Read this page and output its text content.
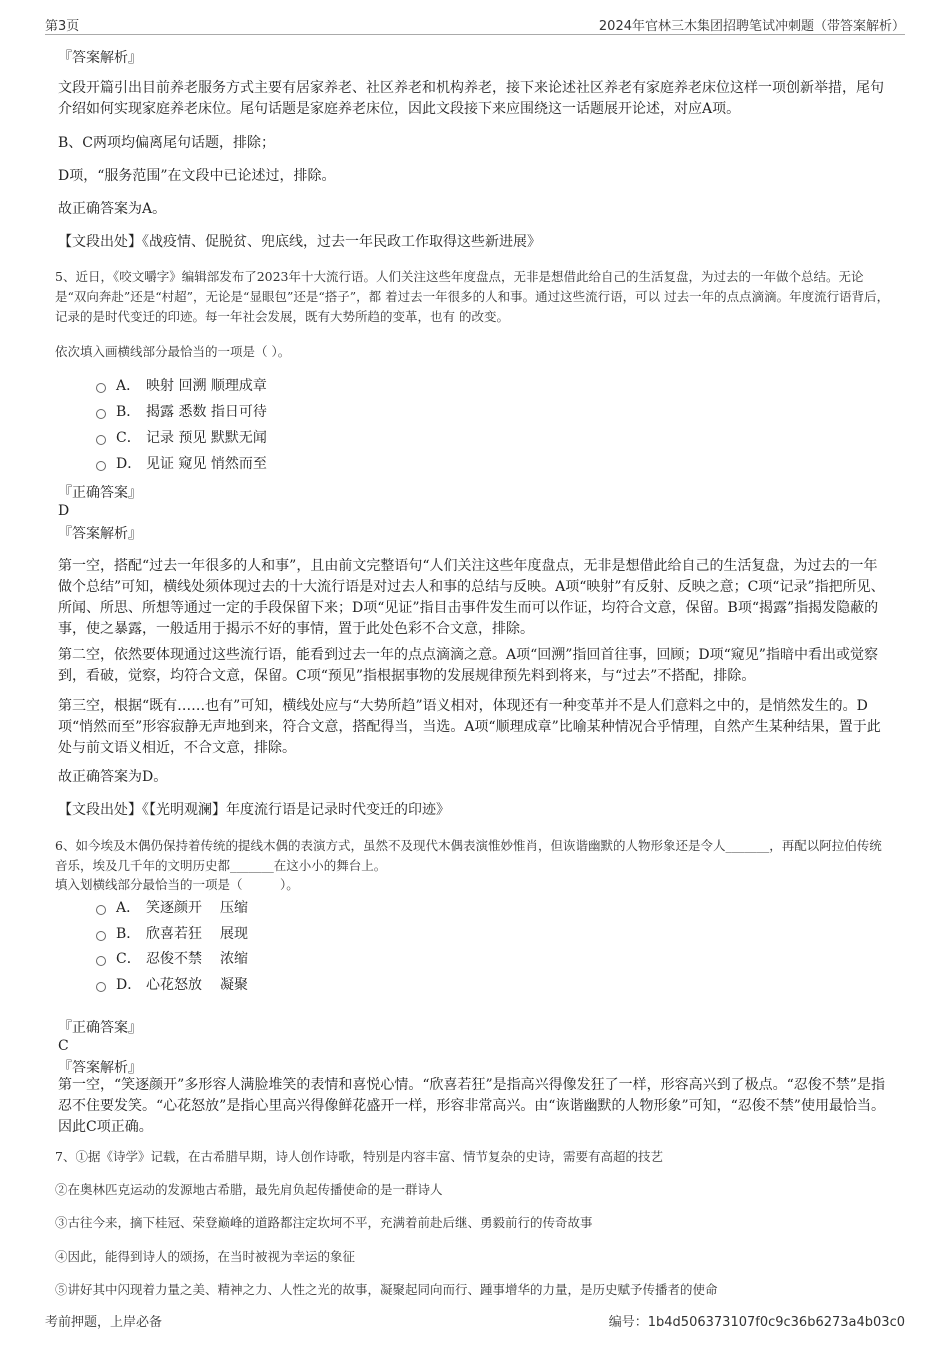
第3页	2024年官林三木集团招聘笔试冲刺题（带答案解析）
『答案解析』
文段开篇引出目前养老服务方式主要有居家养老、社区养老和机构养老，接下来论述社区养老有家庭养老床位这样一项创新举措，尾句介绍如何实现家庭养老床位。尾句话题是家庭养老床位，因此文段接下来应围绕这一话题展开论述，对应A项。
B、C两项均偏离尾句话题，排除；
D项，“服务范围”在文段中已论述过，排除。
故正确答案为A。
【文段出处】《战疫情、促脱贫、兜底线，过去一年民政工作取得这些新进展》
5、近日，《咬文嚼字》编辑部发布了2023年十大流行语。人们关注这些年度盘点，无非是想借此给自己的生活复盘，为过去的一年做个总结。无论是“双向奔赴”还是“村超”，无论是“显眼包”还是“搭子”，都 着过去一年很多的人和事。通过这些流行语，可以 过去一年的点点滴滴。年度流行语背后，记录的是时代变迁的印迹。每一年社会发展，既有大势所趋的变革，也有 的改变。
依次填入画横线部分最恰当的一项是（ ）。
A． 映射 回溯 顺理成章
B． 揭露 悉数 指日可待
C． 记录 预见 默默无闻
D． 见证 窥见 悄然而至
『正确答案』
D
『答案解析』
第一空，搭配“过去一年很多的人和事”，且由前文完整语句“人们关注这些年度盘点，无非是想借此给自己的生活复盘，为过去的一年做个总结”可知，横线处须体现过去的十大流行语是对过去人和事的总结与反映。A项“映射”有反射、反映之意；C项“记录”指把所见、所闻、所思、所想等通过一定的手段保留下来；D项“见证”指目击事件发生而可以作证，均符合文意，保留。B项“揭露”指揭发隐蔽的事，使之暴露，一般适用于揭示不好的事情，置于此处色彩不合文意，排除。
第二空，依然要体现通过这些流行语，能看到过去一年的点点滴滴之意。A项“回溯”指回首往事，回顾；D项“窥见”指暗中看出或觉察到，看破，觉察，均符合文意，保留。C项“预见”指根据事物的发展规律预先料到将来，与“过去”不搭配，排除。
第三空，根据“既有……也有”可知，横线处应与“大势所趋”语义相对，体现还有一种变革并不是人们意料之中的，是悄然发生的。D项“悄然而至”形容寂静无声地到来，符合文意，搭配得当，当选。A项“顺理成章”比喻某种情况合乎情理，自然产生某种结果，置于此处与前文语义相近，不合文意，排除。
故正确答案为D。
【文段出处】《【光明观澜】年度流行语是记录时代变迁的印迹》
6、如今埃及木偶仍保持着传统的提线木偶的表演方式，虽然不及现代木偶表演惟妙惟肖，但诙谐幽默的人物形象还是令人_______，再配以阿拉伯传统音乐，埃及几千年的文明历史都_______在这小小的舞台上。
填入划横线部分最恰当的一项是（　　　）。
A． 笑逐颜开 压缩
B． 欣喜若狂 展现
C． 忍俊不禁 浓缩
D． 心花怒放 凝聚
『正确答案』
C
『答案解析』
第一空，“笑逐颜开”多形容人满脸堆笑的表情和喜悦心情。“欣喜若狂”是指高兴得像发狂了一样，形容高兴到了极点。“忍俊不禁”是指忍不住要发笑。“心花怒放”是指心里高兴得像鲜花盛开一样，形容非常高兴。由“诙谐幽默的人物形象”可知，“忍俊不禁”使用最恰当。因此C项正确。
7、①据《诗学》记载，在古希腊早期，诗人创作诗歌，特别是内容丰富、情节复杂的史诗，需要有高超的技艺
②在奥林匹克运动的发源地古希腊，最先肩负起传播使命的是一群诗人
③古往今来，摘下桂冠、荣登巅峰的道路都注定坎坷不平，充满着前赴后继、勇毅前行的传奇故事
④因此，能得到诗人的颂扬，在当时被视为幸运的象征
⑤讲好其中闪现着力量之美、精神之力、人性之光的故事，凝聚起同向而行、踵事增华的力量，是历史赋予传播者的使命
考前押题，上岸必备	编号：1b4d506373107f0c9c36b6273a4b03c0
